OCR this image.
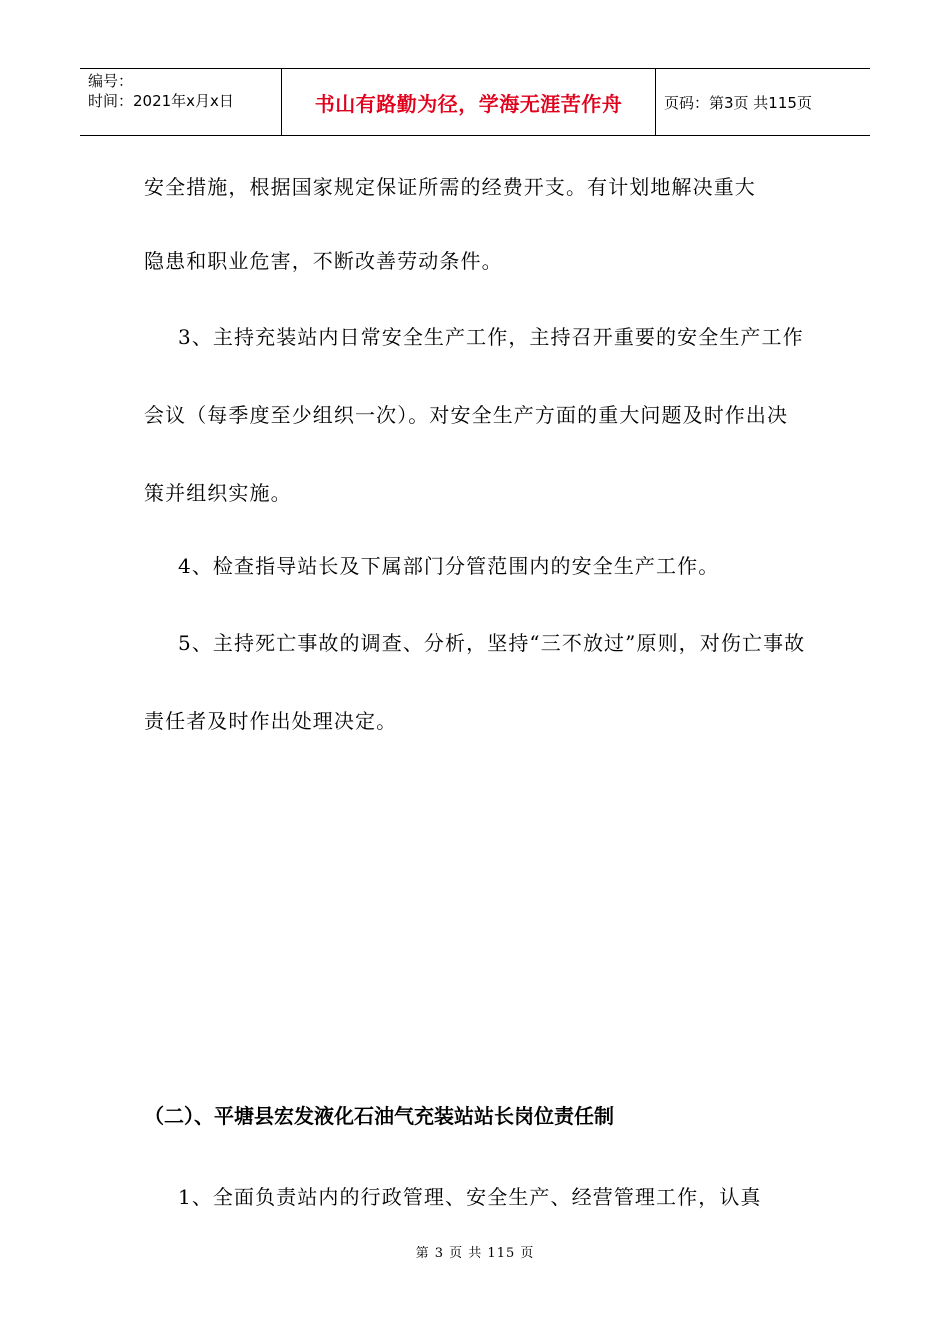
编号：
时间：2021年x月x日	书山有路勤为径，学海无涯苦作舟	页码：第3页 共115页

安全措施，根据国家规定保证所需的经费开支。有计划地解决重大

隐患和职业危害，不断改善劳动条件。

3、主持充装站内日常安全生产工作，主持召开重要的安全生产工作会议（每季度至少组织一次）。对安全生产方面的重大问题及时作出决策并组织实施。

4、检查指导站长及下属部门分管范围内的安全生产工作。

5、主持死亡事故的调查、分析，坚持“三不放过”原则，对伤亡事故责任者及时作出处理决定。

（二）、平塘县宏发液化石油气充装站站长岗位责任制

1、全面负责站内的行政管理、安全生产、经营管理工作，认真

第 3 页 共 115 页
